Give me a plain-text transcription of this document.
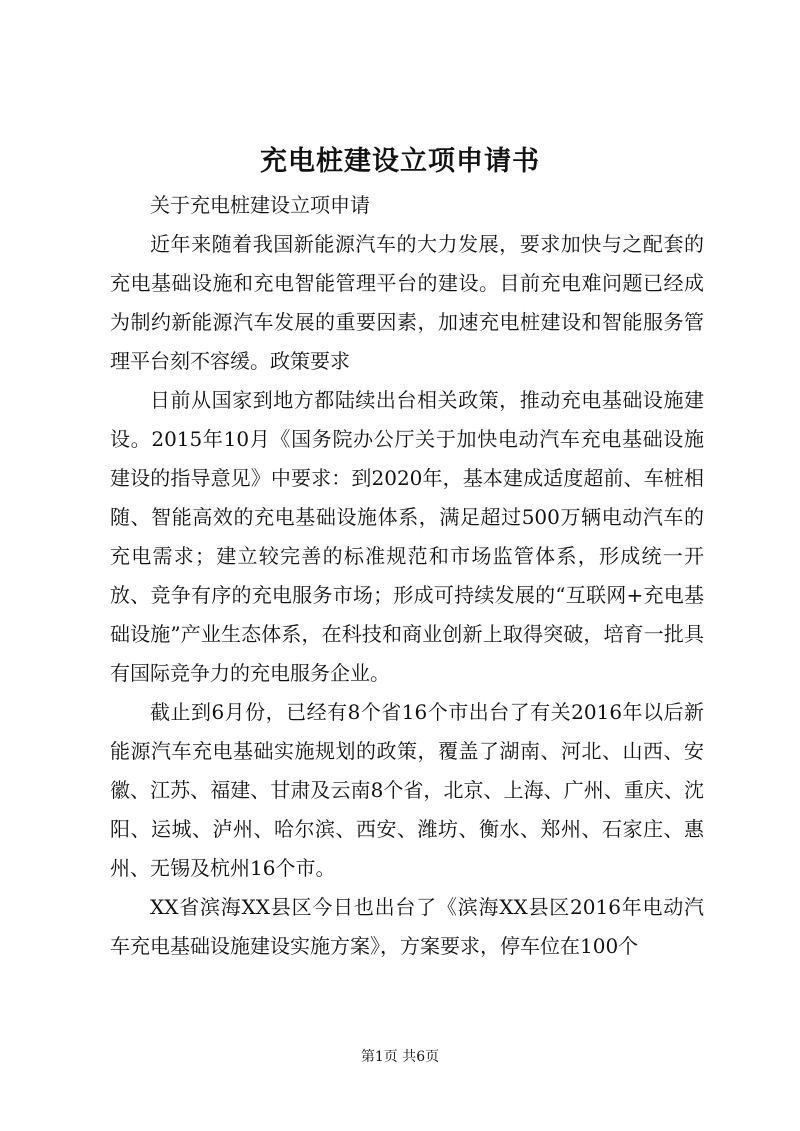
充电桩建设立项申请书

关于充电桩建设立项申请

近年来随着我国新能源汽车的大力发展，要求加快与之配套的充电基础设施和充电智能管理平台的建设。目前充电难问题已经成为制约新能源汽车发展的重要因素，加速充电桩建设和智能服务管理平台刻不容缓。政策要求

日前从国家到地方都陆续出台相关政策，推动充电基础设施建设。2015年10月《国务院办公厅关于加快电动汽车充电基础设施建设的指导意见》中要求：到2020年，基本建成适度超前、车桩相随、智能高效的充电基础设施体系，满足超过500万辆电动汽车的充电需求；建立较完善的标准规范和市场监管体系，形成统一开放、竞争有序的充电服务市场；形成可持续发展的“互联网+充电基础设施”产业生态体系，在科技和商业创新上取得突破，培育一批具有国际竞争力的充电服务企业。

截止到6月份，已经有8个省16个市出台了有关2016年以后新能源汽车充电基础实施规划的政策，覆盖了湖南、河北、山西、安徽、江苏、福建、甘肃及云南8个省，北京、上海、广州、重庆、沈阳、运城、泸州、哈尔滨、西安、潍坊、衡水、郑州、石家庄、惠州、无锡及杭州16个市。

XX省滨海XX县区今日也出台了《滨海XX县区2016年电动汽车充电基础设施建设实施方案》，方案要求，停车位在100个

第1页 共6页
